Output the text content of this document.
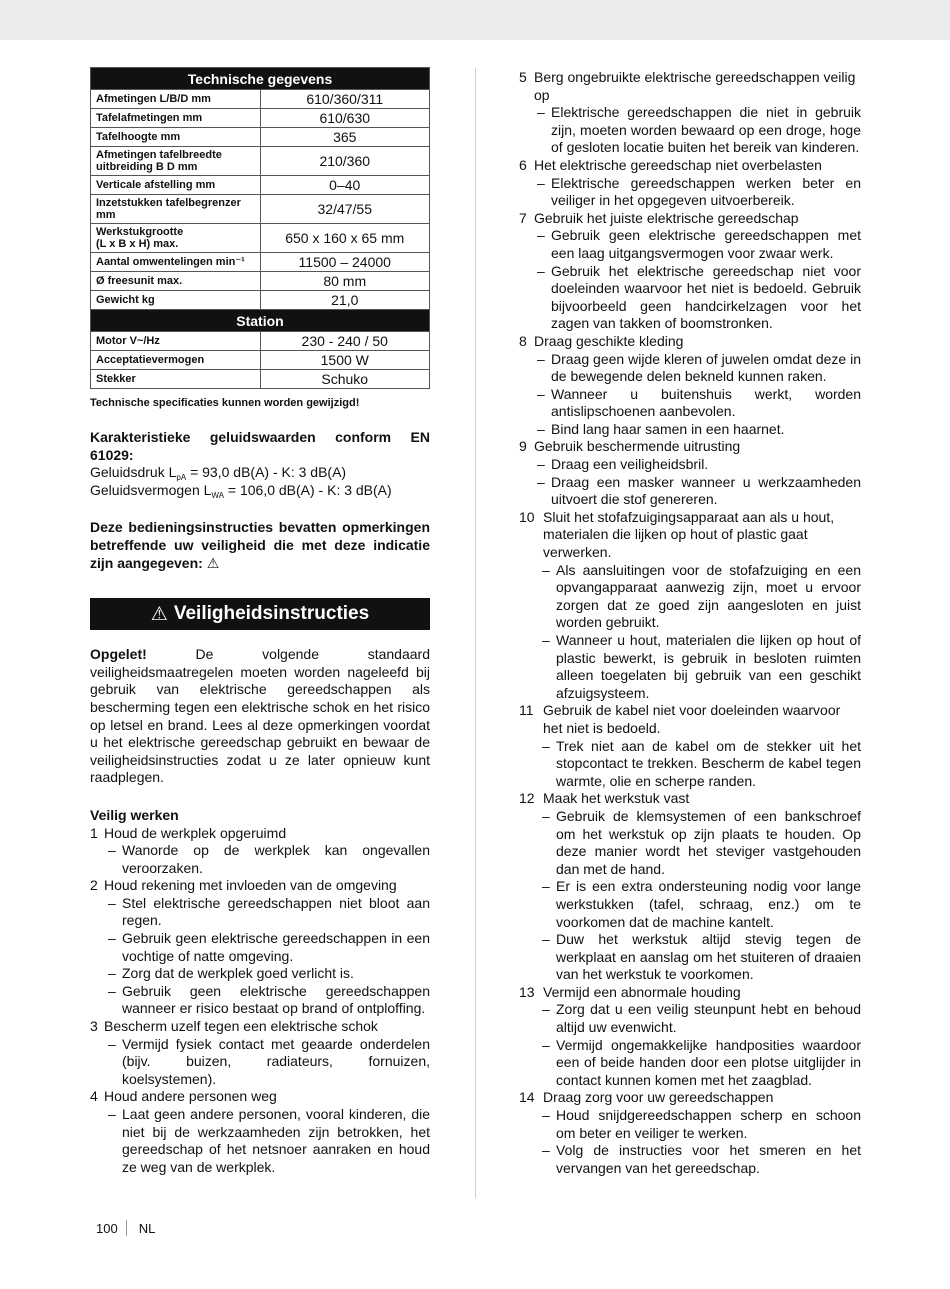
Technische gegevens	
Afmetingen L/B/D mm	610/360/311
Tafelafmetingen mm	610/630
Tafelhoogte mm	365
Afmetingen tafelbreedte uitbreiding B D mm	210/360
Verticale afstelling mm	0–40
Inzetstukken tafelbegrenzer mm	32/47/55
Werkstukgrootte
(L x B x H) max.	650 x 160 x 65 mm
Aantal omwentelingen min⁻¹	11500 – 24000
Ø freesunit max.	80 mm
Gewicht kg	21,0
Station	
Motor V~/Hz	230 - 240 / 50
Acceptatievermogen	1500 W
Stekker	Schuko
Technische specificaties kunnen worden gewijzigd!

Karakteristieke geluidswaarden conform EN 61029:

Geluidsdruk $L_{pA} = 93,0$ dB(A) - K: 3 dB(A)

Geluidsvermogen $L_{WA} = 106,0$ dB(A) - K: 3 dB(A)

Deze bedieningsinstructies bevatten opmerkingen betreffende uw veiligheid die met deze indicatie zijn aangegeven: ⚠

⚠ Veiligheidsinstructies

Opgelet! De volgende standaard veiligheidsmaatregelen moeten worden nageleefd bij gebruik van elektrische gereedschappen als bescherming tegen een elektrische schok en het risico op letsel en brand. Lees al deze opmerkingen voordat u het elektrische gereedschap gebruikt en bewaar de veiligheidsinstructies zodat u ze later opnieuw kunt raadplegen.

Veilig werken

1 Houd de werkplek opgeruimd
– Wanorde op de werkplek kan ongevallen veroorzaken.
2 Houd rekening met invloeden van de omgeving
– Stel elektrische gereedschappen niet bloot aan regen.
– Gebruik geen elektrische gereedschappen in een vochtige of natte omgeving.
– Zorg dat de werkplek goed verlicht is.
– Gebruik geen elektrische gereedschappen wanneer er risico bestaat op brand of ontploffing.
3 Bescherm uzelf tegen een elektrische schok
– Vermijd fysiek contact met geaarde onderdelen (bijv. buizen, radiateurs, fornuizen, koelsystemen).
4 Houd andere personen weg
– Laat geen andere personen, vooral kinderen, die niet bij de werkzaamheden zijn betrokken, het gereedschap of het netsnoer aanraken en houd ze weg van de werkplek.
5 Berg ongebruikte elektrische gereedschappen veilig op
– Elektrische gereedschappen die niet in gebruik zijn, moeten worden bewaard op een droge, hoge of gesloten locatie buiten het bereik van kinderen.
6 Het elektrische gereedschap niet overbelasten
– Elektrische gereedschappen werken beter en veiliger in het opgegeven uitvoerbereik.
7 Gebruik het juiste elektrische gereedschap
– Gebruik geen elektrische gereedschappen met een laag uitgangsvermogen voor zwaar werk.
– Gebruik het elektrische gereedschap niet voor doeleinden waarvoor het niet is bedoeld. Gebruik bijvoorbeeld geen handcirkelzagen voor het zagen van takken of boomstronken.
8 Draag geschikte kleding
– Draag geen wijde kleren of juwelen omdat deze in de bewegende delen bekneld kunnen raken.
– Wanneer u buitenshuis werkt, worden antislipschoenen aanbevolen.
– Bind lang haar samen in een haarnet.
9 Gebruik beschermende uitrusting
– Draag een veiligheidsbril.
– Draag een masker wanneer u werkzaamheden uitvoert die stof genereren.
10 Sluit het stofafzuigingsapparaat aan als u hout, materialen die lijken op hout of plastic gaat verwerken.
– Als aansluitingen voor de stofafzuiging en een opvangapparaat aanwezig zijn, moet u ervoor zorgen dat ze goed zijn aangesloten en juist worden gebruikt.
– Wanneer u hout, materialen die lijken op hout of plastic bewerkt, is gebruik in besloten ruimten alleen toegelaten bij gebruik van een geschikt afzuigsysteem.
11 Gebruik de kabel niet voor doeleinden waarvoor het niet is bedoeld.
– Trek niet aan de kabel om de stekker uit het stopcontact te trekken. Bescherm de kabel tegen warmte, olie en scherpe randen.
12 Maak het werkstuk vast
– Gebruik de klemsystemen of een bankschroef om het werkstuk op zijn plaats te houden. Op deze manier wordt het steviger vastgehouden dan met de hand.
– Er is een extra ondersteuning nodig voor lange werkstukken (tafel, schraag, enz.) om te voorkomen dat de machine kantelt.
– Duw het werkstuk altijd stevig tegen de werkplaat en aanslag om het stuiteren of draaien van het werkstuk te voorkomen.
13 Vermijd een abnormale houding
– Zorg dat u een veilig steunpunt hebt en behoud altijd uw evenwicht.
– Vermijd ongemakkelijke handposities waardoor een of beide handen door een plotse uitglijder in contact kunnen komen met het zaagblad.
14 Draag zorg voor uw gereedschappen
– Houd snijdgereedschappen scherp en schoon om beter en veiliger te werken.
– Volg de instructies voor het smeren en het vervangen van het gereedschap.
100 NL
